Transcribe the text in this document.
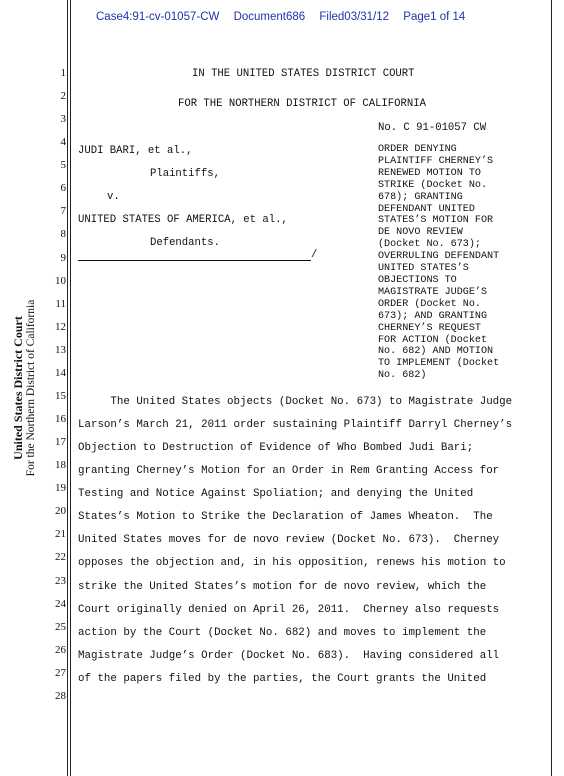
Case4:91-cv-01057-CW Document686 Filed03/31/12 Page1 of 14
United States District Court For the Northern District of California
1
2
3
4
5
6
7
8
9
10
11
12
13
14
15
16
17
18
19
20
21
22
23
24
25
26
27
28
IN THE UNITED STATES DISTRICT COURT
FOR THE NORTHERN DISTRICT OF CALIFORNIA
No. C 91-01057 CW
JUDI BARI, et al.,
Plaintiffs,
v.
UNITED STATES OF AMERICA, et al.,
Defendants.
/
ORDER DENYING
PLAINTIFF CHERNEY’S
RENEWED MOTION TO
STRIKE (Docket No.
678); GRANTING
DEFENDANT UNITED
STATES’S MOTION FOR
DE NOVO REVIEW
(Docket No. 673);
OVERRULING DEFENDANT
UNITED STATES’S
OBJECTIONS TO
MAGISTRATE JUDGE’S
ORDER (Docket No.
673); AND GRANTING
CHERNEY’S REQUEST
FOR ACTION (Docket
No. 682) AND MOTION
TO IMPLEMENT (Docket
No. 682)
The United States objects (Docket No. 673) to Magistrate Judge
Larson’s March 21, 2011 order sustaining Plaintiff Darryl Cherney’s
Objection to Destruction of Evidence of Who Bombed Judi Bari;
granting Cherney’s Motion for an Order in Rem Granting Access for
Testing and Notice Against Spoliation; and denying the United
States’s Motion to Strike the Declaration of James Wheaton.  The
United States moves for de novo review (Docket No. 673).  Cherney
opposes the objection and, in his opposition, renews his motion to
strike the United States’s motion for de novo review, which the
Court originally denied on April 26, 2011.  Cherney also requests
action by the Court (Docket No. 682) and moves to implement the
Magistrate Judge’s Order (Docket No. 683).  Having considered all
of the papers filed by the parties, the Court grants the United
